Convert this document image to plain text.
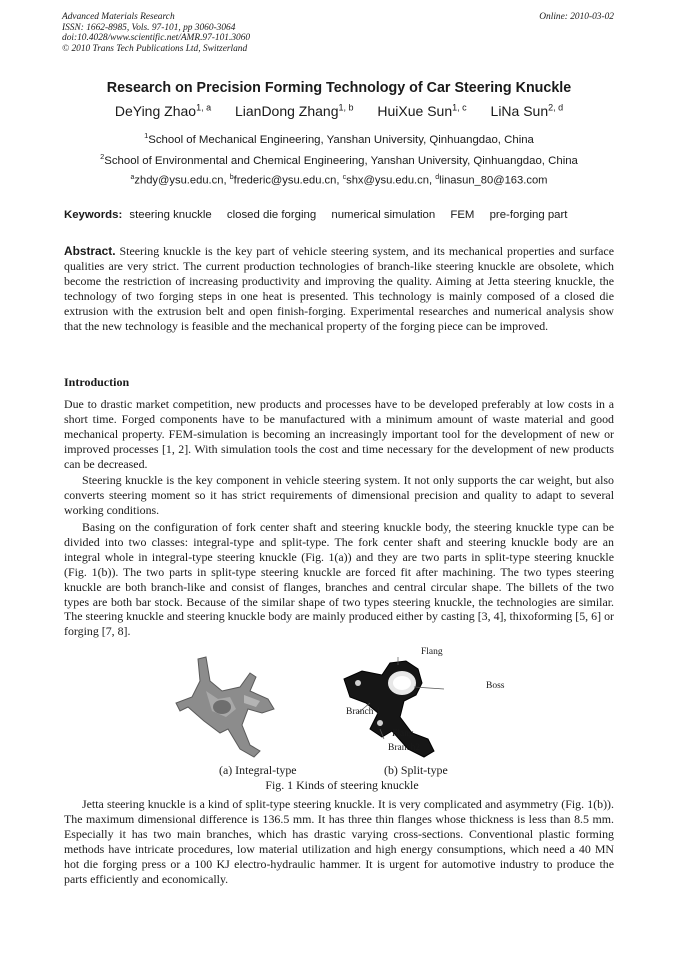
Advanced Materials Research
ISSN: 1662-8985, Vols. 97-101, pp 3060-3064
doi:10.4028/www.scientific.net/AMR.97-101.3060
© 2010 Trans Tech Publications Ltd, Switzerland
Online: 2010-03-02
Research on Precision Forming Technology of Car Steering Knuckle
DeYing Zhao$^{1, a}$ LianDong Zhang$^{1, b}$ HuiXue Sun$^{1, c}$ LiNa Sun$^{2, d}$
$^1$School of Mechanical Engineering, Yanshan University, Qinhuangdao, China
$^2$School of Environmental and Chemical Engineering, Yanshan University, Qinhuangdao, China
$^a$zhdy@ysu.edu.cn, $^b$frederic@ysu.edu.cn, $^c$shx@ysu.edu.cn, $^d$linasun_80@163.com
Keywords: steering knuckle closed die forging numerical simulation FEM pre-forging part

Abstract. Steering knuckle is the key part of vehicle steering system, and its mechanical properties and surface qualities are very strict. The current production technologies of branch-like steering knuckle are obsolete, which become the restriction of increasing productivity and improving the quality. Aiming at Jetta steering knuckle, the technology of two forging steps in one heat is presented. This technology is mainly composed of a closed die extrusion with the extrusion belt and open finish-forging. Experimental researches and numerical analysis show that the new technology is feasible and the mechanical property of the forging piece can be improved.

Introduction

Due to drastic market competition, new products and processes have to be developed preferably at low costs in a short time. Forged components have to be manufactured with a minimum amount of waste material and good mechanical property. FEM-simulation is becoming an increasingly important tool for the development of new or improved processes [1, 2]. With simulation tools the cost and time necessary for the development of new products can be decreased.

Steering knuckle is the key component in vehicle steering system. It not only supports the car weight, but also converts steering moment so it has strict requirements of dimensional precision and quality to adapt to several working conditions.

Basing on the configuration of fork center shaft and steering knuckle body, the steering knuckle type can be divided into two classes: integral-type and split-type. The fork center shaft and steering knuckle body are an integral whole in integral-type steering knuckle (Fig. 1(a)) and they are two parts in split-type steering knuckle (Fig. 1(b)). The two parts in split-type steering knuckle are forced fit after machining. The two types steering knuckle are both branch-like and consist of flanges, branches and central circular shape. The billets of the two types are both bar stock. Because of the similar shape of two types steering knuckle, the technologies are similar. The steering knuckle and steering knuckle body are mainly produced either by casting [3, 4], thixoforming [5, 6] or forging [7, 8].

Flang
Boss
Branch 1
Flang
Branch2
(a) Integral-type	(b) Split-type
Fig. 1 Kinds of steering knuckle

Jetta steering knuckle is a kind of split-type steering knuckle. It is very complicated and asymmetry (Fig. 1(b)). The maximum dimensional difference is 136.5 mm. It has three thin flanges whose thickness is less than 8.5 mm. Especially it has two main branches, which has drastic varying cross-sections. Conventional plastic forming methods have intricate procedures, low material utilization and high energy consumptions, which need a 40 MN hot die forging press or a 100 KJ electro-hydraulic hammer. It is urgent for automotive industry to produce the parts efficiently and economically.
